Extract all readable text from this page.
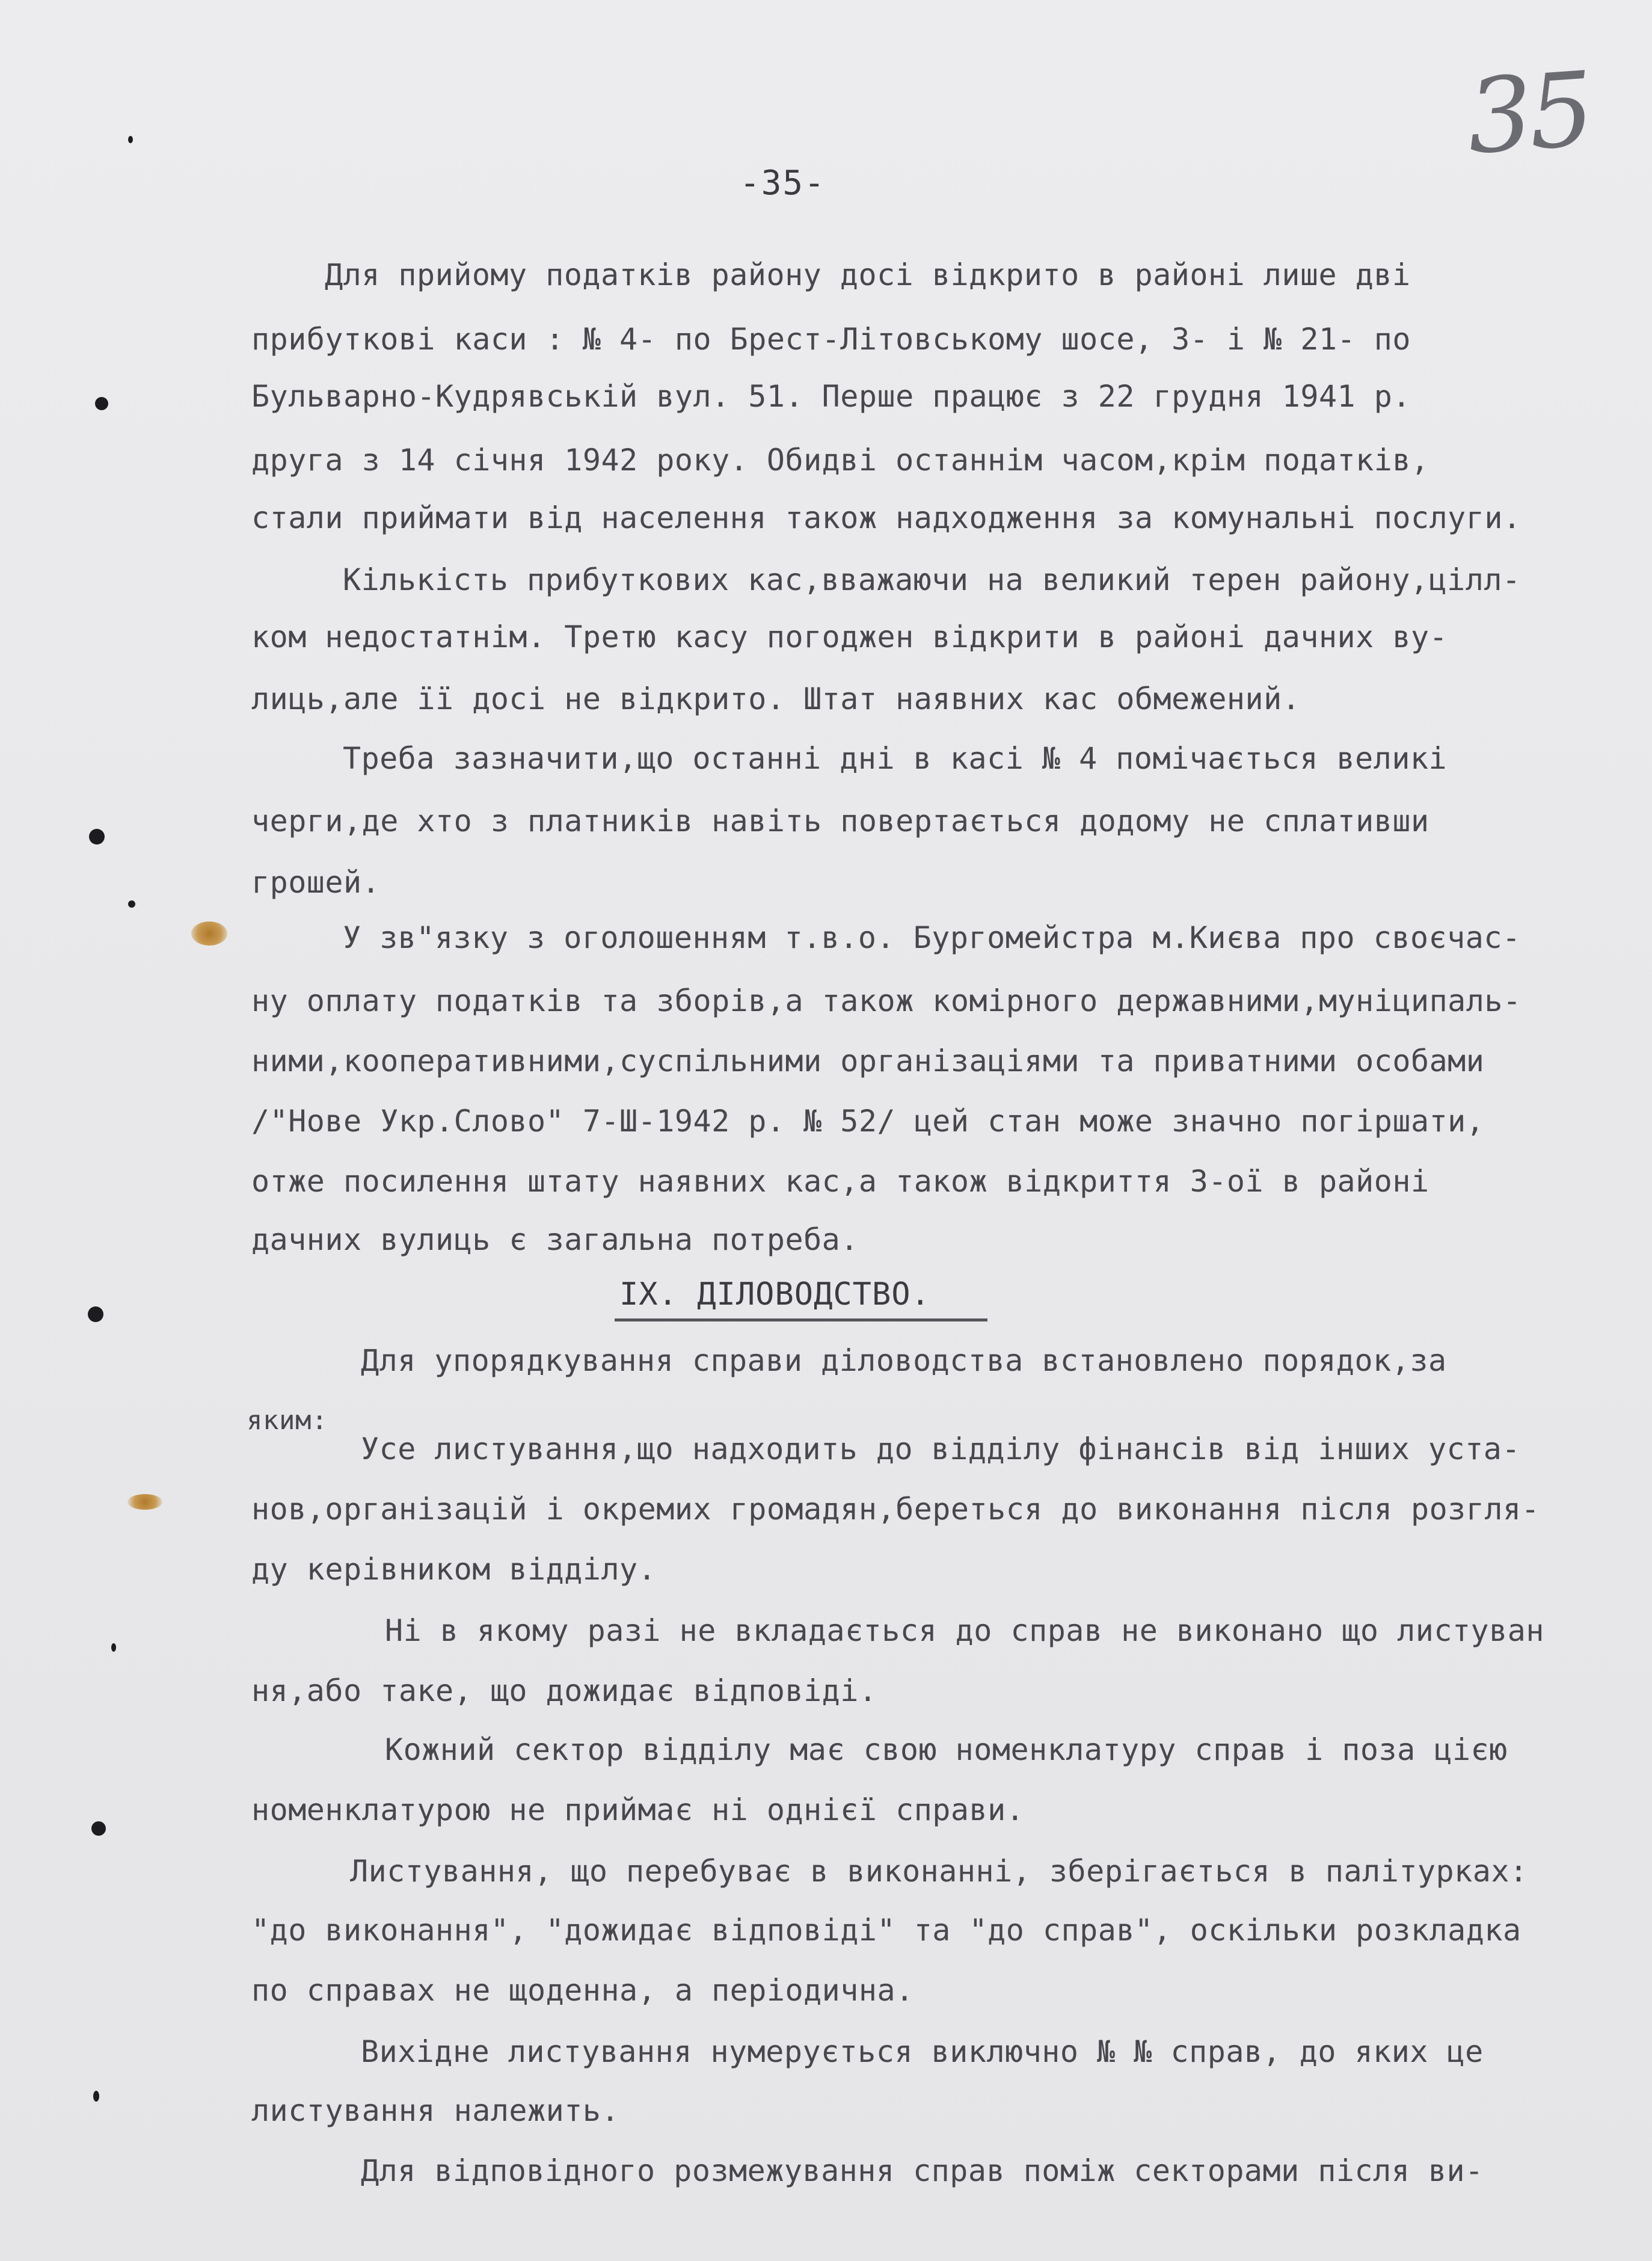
35
-35-
Для прийому податків району досі відкрито в районі лише дві
прибуткові каси : № 4- по Брест-Літовському шосе, 3- і № 21- по
Бульварно-Кудрявській вул. 51. Перше працює з 22 грудня 1941 р.
друга з 14 січня 1942 року. Обидві останнім часом,крім податків,
стали приймати від населення також надходження за комунальні послуги.
Кількість прибуткових кас,вважаючи на великий терен району,цілл-
ком недостатнім. Третю касу погоджен відкрити в районі дачних ву-
лиць,але її досі не відкрито. Штат наявних кас обмежений.
Треба зазначити,що останні дні в касі № 4 помічається великі
черги,де хто з платників навіть повертається додому не сплативши
грошей.
У зв"язку з оголошенням т.в.о. Бургомейстра м.Києва про своєчас-
ну оплату податків та зборів,а також комірного державними,муніципаль-
ними,кооперативними,суспільними організаціями та приватними особами
/"Нове Укр.Слово" 7-Ш-1942 р. № 52/ цей стан може значно погіршати,
отже посилення штату наявних кас,а також відкриття 3-ої в районі
дачних вулиць є загальна потреба.
IX. ДІЛОВОДСТВО.
Для упорядкування справи діловодства встановлено порядок,за
яким:
Усе листування,що надходить до відділу фінансів від інших уста-
нов,організацій і окремих громадян,береться до виконання після розгля-
ду керівником відділу.
Ні в якому разі не вкладається до справ не виконано що листуван
ня,або таке, що дожидає відповіді.
Кожний сектор відділу має свою номенклатуру справ і поза цією
номенклатурою не приймає ні однієї справи.
Листування, що перебуває в виконанні, зберігається в палітурках:
"до виконання", "дожидає відповіді" та "до справ", оскільки розкладка
по справах не щоденна, а періодична.
Вихідне листування нумерується виключно № № справ, до яких це
листування належить.
Для відповідного розмежування справ поміж секторами після ви-
